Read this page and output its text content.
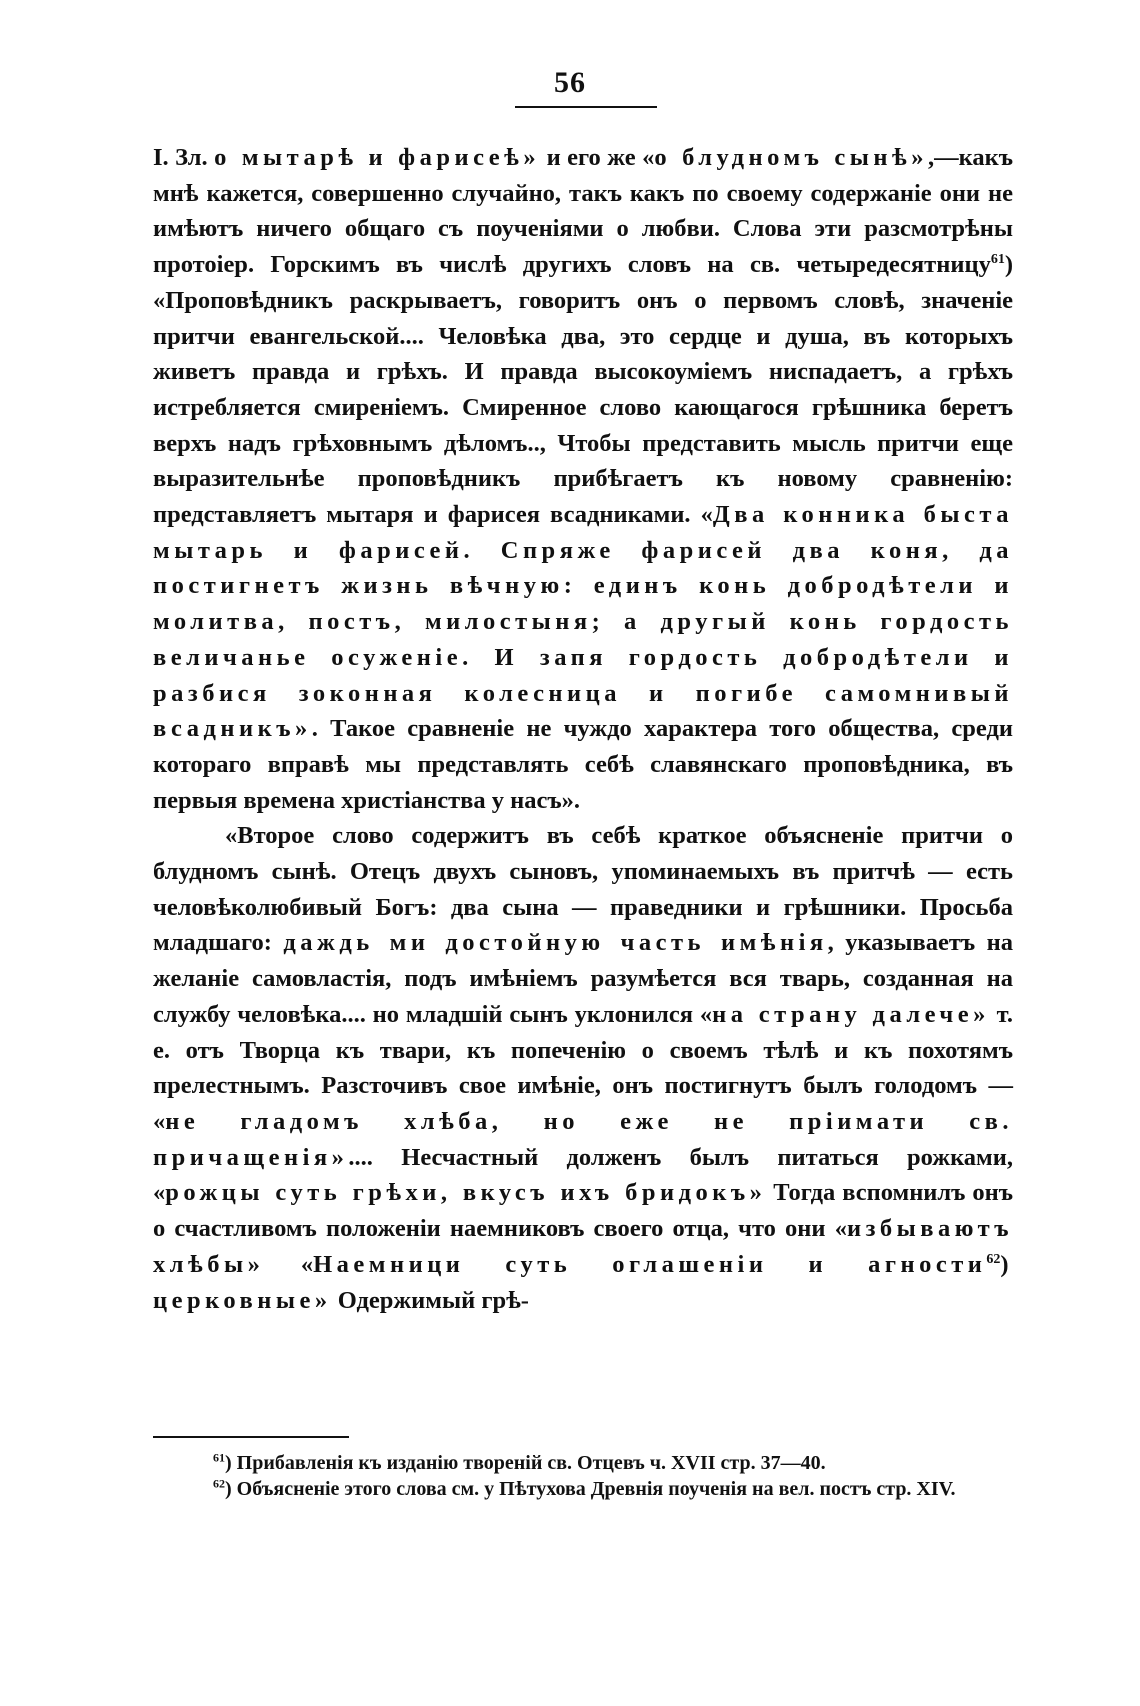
56

I. Зл. о мытарѣ и фарисеѣ» и его же «о блудномъ сынѣ»,—какъ мнѣ кажется, совершенно случайно, такъ какъ по своему содержаніе они не имѣютъ ничего общаго съ поученіями о любви. Слова эти разсмотрѣны протоіер. Горскимъ въ числѣ другихъ словъ на св. четыредесятницу$^{61}$) «Проповѣдникъ раскрываетъ, говоритъ онъ о первомъ словѣ, значеніе притчи евангельской.... Человѣка два, это сердце и душа, въ которыхъ живетъ правда и грѣхъ. И правда высокоуміемъ ниспадаетъ, а грѣхъ истребляется смиреніемъ. Смиренное слово кающагося грѣшника беретъ верхъ надъ грѣховнымъ дѣломъ.., Чтобы представить мысль притчи еще выразительнѣе проповѣдникъ прибѣгаетъ къ новому сравненію: представляетъ мытаря и фарисея всадниками. «Два конника быста мытарь и фарисей. Спряже фарисей два коня, да постигнетъ жизнь вѣчную: единъ конь добродѣтели и молитва, постъ, милостыня; а другый конь гордость величанье осуженіе. И запя гордость добродѣтели и разбися зоконная колесница и погибе самомнивый всадникъ». Такое сравненіе не чуждо характера того общества, среди котораго вправѣ мы представлять себѣ славянскаго проповѣдника, въ первыя времена христіанства у насъ».

«Второе слово содержитъ въ себѣ краткое объясненіе притчи о блудномъ сынѣ. Отецъ двухъ сыновъ, упоминаемыхъ въ притчѣ — есть человѣколюбивый Богъ: два сына — праведники и грѣшники. Просьба младшаго: даждь ми достойную часть имѣнія, указываетъ на желаніе самовластія, подъ имѣніемъ разумѣется вся тварь, созданная на службу человѣка.... но младшій сынъ уклонился «на страну далече» т. е. отъ Творца къ твари, къ попеченію о своемъ тѣлѣ и къ похотямъ прелестнымъ. Разсточивъ свое имѣніе, онъ постигнутъ былъ голодомъ — «не гладомъ хлѣба, но еже не пріимати св. причащенія».... Несчастный долженъ былъ питаться рожками, «рожцы суть грѣхи, вкусъ ихъ бридокъ» Тогда вспомнилъ онъ о счастливомъ положеніи наемниковъ своего отца, что они «избываютъ хлѣбы» «Наемници суть оглашеніи и агности$^{62}$) церковные» Одержимый грѣ-

$^{61}$) Прибавленія къ изданію твореній св. Отцевъ ч. XVII стр. 37—40.

$^{62}$) Объясненіе этого слова см. у Пѣтухова Древнія поученія на вел. постъ стр. XIV.
